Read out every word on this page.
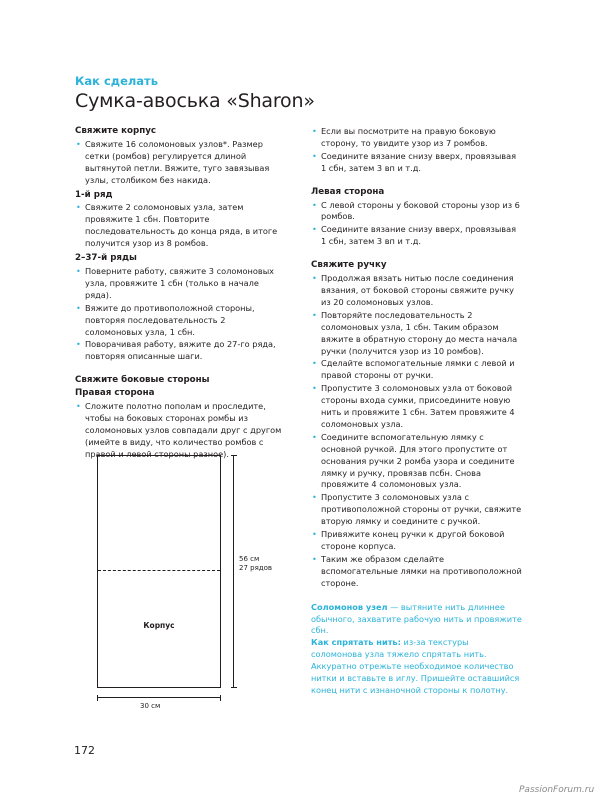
Как сделать
Сумка-авоська «Sharon»
Свяжите корпус
• Свяжите 16 соломоновых узлов*. Размер сетки (ромбов) регулируется длиной вытянутой петли. Вяжите, туго завязывая узлы, столбиком без накида.
1-й ряд
• Свяжите 2 соломоновых узла, затем провяжите 1 сбн. Повторите последовательность до конца ряда, в итоге получится узор из 8 ромбов.
2–37-й ряды
• Поверните работу, свяжите 3 соломоновых узла, провяжите 1 сбн (только в начале ряда).
• Вяжите до противоположной стороны, повторяя последовательность 2 соломоновых узла, 1 сбн.
• Поворачивая работу, вяжите до 27-го ряда, повторяя описанные шаги.
Свяжите боковые стороны
Правая сторона
• Сложите полотно пополам и проследите, чтобы на боковых сторонах ромбы из соломоновых узлов совпадали друг с другом (имейте в виду, что количество ромбов с правой и левой стороны разное).
Корпус
30 см
56 см
27 рядов
• Если вы посмотрите на правую боковую сторону, то увидите узор из 7 ромбов.
• Соедините вязание снизу вверх, провязывая 1 сбн, затем 3 вп и т.д.
Левая сторона
• С левой стороны у боковой стороны узор из 6 ромбов.
• Соедините вязание снизу вверх, провязывая 1 сбн, затем 3 вп и т.д.
Свяжите ручку
• Продолжая вязать нитью после соединения вязания, от боковой стороны свяжите ручку из 20 соломоновых узлов.
• Повторяйте последовательность 2 соломоновых узла, 1 сбн. Таким образом вяжите в обратную сторону до места начала ручки (получится узор из 10 ромбов).
• Сделайте вспомогательные лямки с левой и правой стороны от ручки.
• Пропустите 3 соломоновых узла от боковой стороны входа сумки, присоедините новую нить и провяжите 1 сбн. Затем провяжите 4 соломоновых узла.
• Соедините вспомогательную лямку с основной ручкой. Для этого пропустите от основания ручки 2 ромба узора и соедините лямку и ручку, провязав псбн. Снова провяжите 4 соломоновых узла.
• Пропустите 3 соломоновых узла с противоположной стороны от ручки, свяжите вторую лямку и соедините с ручкой.
• Привяжите конец ручки к другой боковой стороне корпуса.
• Таким же образом сделайте вспомогательные лямки на противоположной стороне.

Соломонов узел — вытяните нить длиннее обычного, захватите рабочую нить и провяжите сбн.

Как спрятать нить: из-за текстуры соломонова узла тяжело спрятать нить. Аккуратно отрежьте необходимое количество нитки и вставьте в иглу. Пришейте оставшийся конец нити с изнаночной стороны к полотну.

172
PassionForum.ru
